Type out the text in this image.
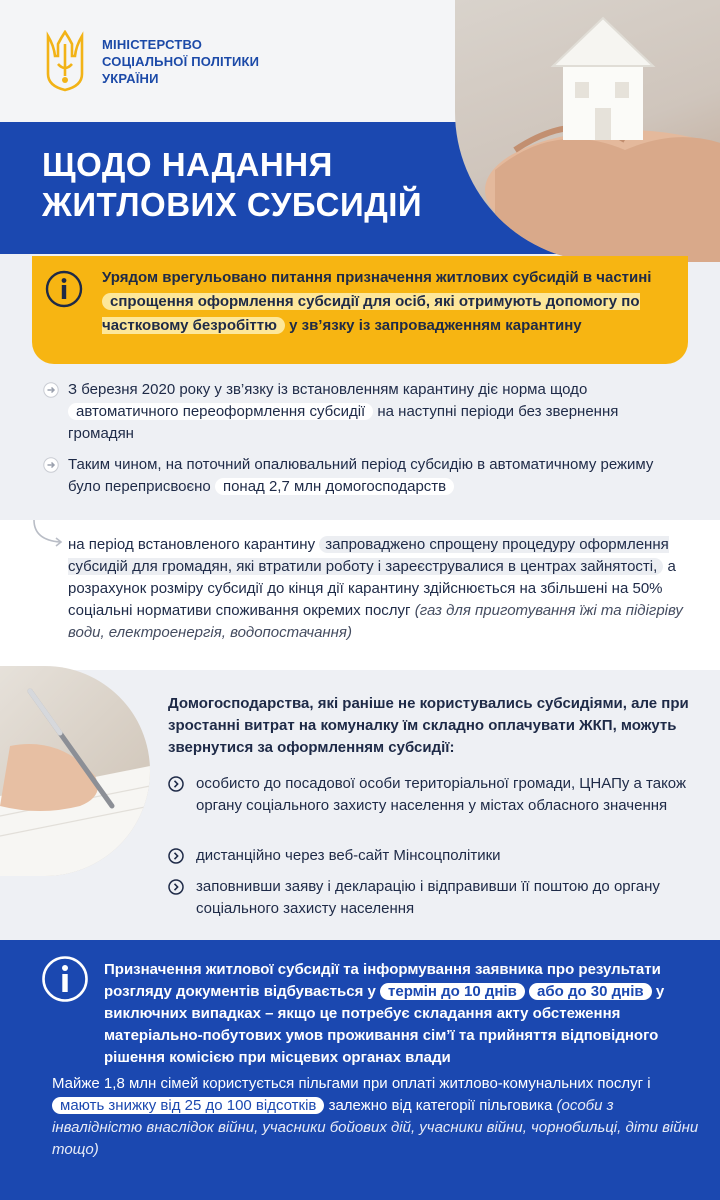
МІНІСТЕРСТВО
СОЦІАЛЬНОЇ ПОЛІТИКИ
УКРАЇНИ
ЩОДО НАДАННЯ
ЖИТЛОВИХ СУБСИДІЙ
Урядом врегульовано питання призначення житлових субсидій в частині спрощення оформлення субсидії для осіб, які отримують допомогу по частковому безробіттю у зв’язку із запровадженням карантину
З березня 2020 року у зв’язку із встановленням карантину діє норма щодо автоматичного переоформлення субсидії на наступні періоди без звернення громадян
Таким чином, на поточний опалювальний період субсидію в автоматичному режиму було переприсвоєно понад 2,7 млн домогосподарств
на період встановленого карантину запроваджено спрощену процедуру оформлення субсидій для громадян, які втратили роботу і зареєструвалися в центрах зайнятості, а розрахунок розміру субсидії до кінця дії карантину здійснюється на збільшені на 50% соціальні нормативи споживання окремих послуг (газ для приготування їжі та підігріву води, електроенергія, водопостачання)
Домогосподарства, які раніше не користувались субсидіями, але при зростанні витрат на комуналку їм складно оплачувати ЖКП, можуть звернутися за оформленням субсидії:
особисто до посадової особи територіальної громади, ЦНАПу а також органу соціального захисту населення у містах обласного значення
дистанційно через веб-сайт Мінсоцполітики
заповнивши заяву і декларацію і відправивши її поштою до органу соціального захисту населення
Призначення житлової субсидії та інформування заявника про результати розгляду документів відбувається у термін до 10 днів або до 30 днів у виключних випадках – якщо це потребує складання акту обстеження матеріально-побутових умов проживання сім’ї та прийняття відповідного рішення комісією при місцевих органах влади
Майже 1,8 млн сімей користується пільгами при оплаті житлово-комунальних послуг і мають знижку від 25 до 100 відсотків залежно від категорії пільговика (особи з інвалідністю внаслідок війни, учасники бойових дій, учасники війни, чорнобильці, діти війни тощо)
